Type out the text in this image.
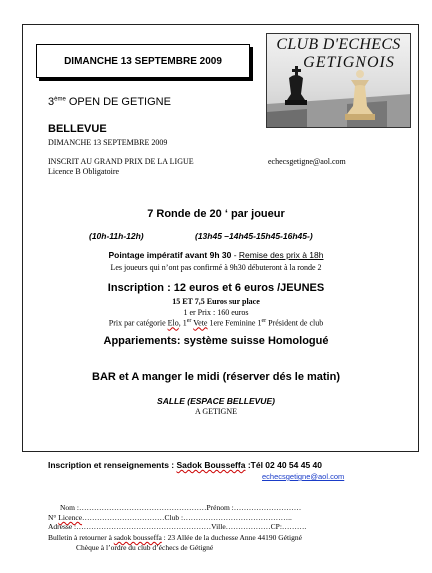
DIMANCHE 13 SEPTEMBRE 2009
CLUB D'ECHECS
GETIGNOIS
3ème OPEN DE GETIGNE
BELLEVUE
DIMANCHE 13 SEPTEMBRE 2009
INSCRIT AU GRAND PRIX DE LA LIGUE	echecsgetigne@aol.com
Licence B Obligatoire
7 Ronde de 20 ‘ par joueur
(10h-11h-12h)	(13h45 –14h45-15h45-16h45-)
Pointage impératif avant 9h 30 - Remise des prix à 18h
Les joueurs qui n’ont pas confirmé à 9h30 débuteront à la ronde 2
Inscription : 12 euros et 6 euros /JEUNES
15 ET 7,5 Euros sur place
1 er Prix : 160 euros
Prix par catégorie Elo, 1er Vete 1ere Feminine 1er Président de club
Appariements: système suisse Homologué
BAR et A manger le midi (réserver dés le matin)
SALLE (ESPACE BELLEVUE)
A GETIGNE
Inscription et renseignements : Sadok Bousseffa :Tél 02 40 54 45 40
echecsgetigne@aol.com
Nom :……………………………………………Prénom :………………………
N° Licence……………………………Club :……………………………………..
Adresse :………………………………………………Ville………………CP:……….
Bulletin à retourner à sadok bousseffa : 23 Allée de la duchesse Anne 44190 Gétigné
Chèque à l’ordre du club d’échecs de Gétigné
